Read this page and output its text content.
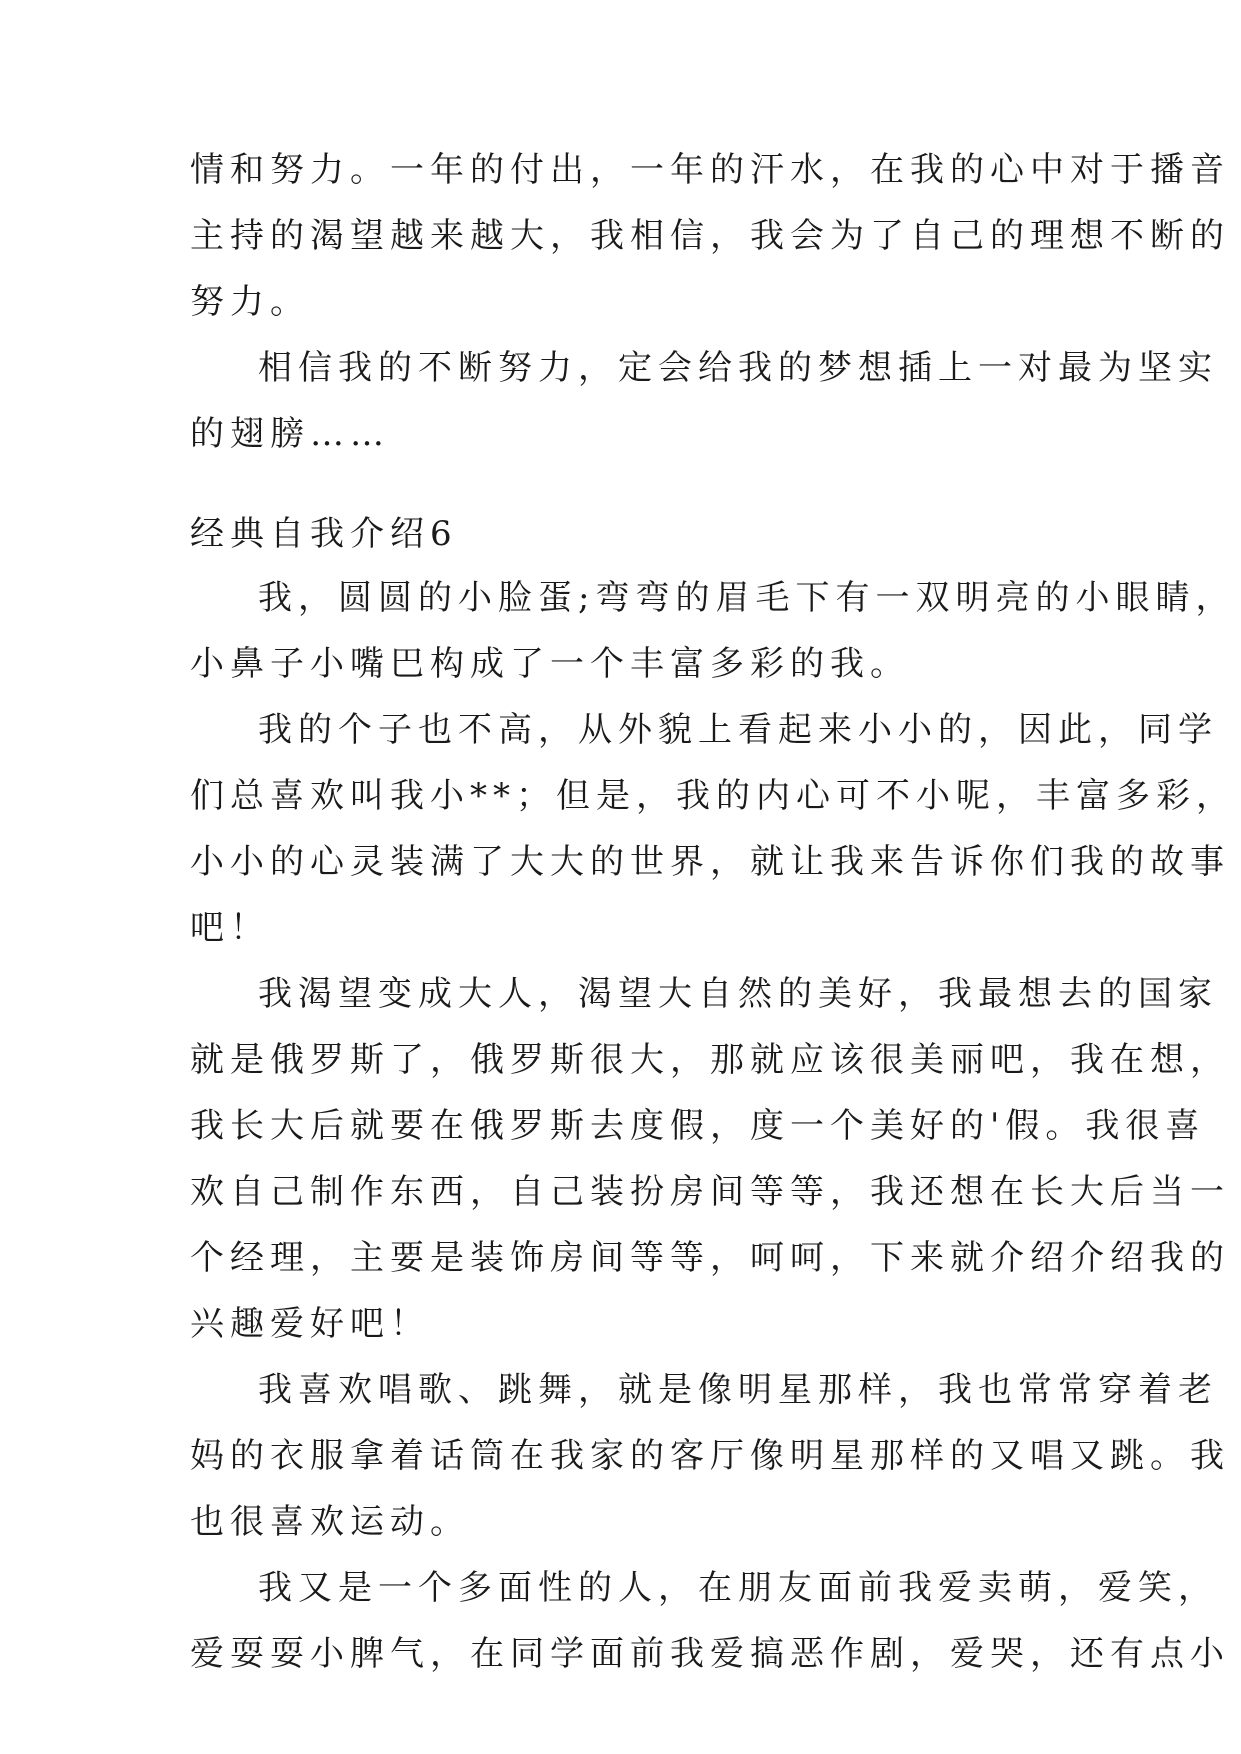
情和努力。一年的付出，一年的汗水，在我的心中对于播音
主持的渴望越来越大，我相信，我会为了自己的理想不断的
努力。
相信我的不断努力，定会给我的梦想插上一对最为坚实
的翅膀……
经典自我介绍6
我，圆圆的小脸蛋;弯弯的眉毛下有一双明亮的小眼睛，
小鼻子小嘴巴构成了一个丰富多彩的我。
我的个子也不高，从外貌上看起来小小的，因此，同学
们总喜欢叫我小**；但是，我的内心可不小呢，丰富多彩，
小小的心灵装满了大大的世界，就让我来告诉你们我的故事
吧！
我渴望变成大人，渴望大自然的美好，我最想去的国家
就是俄罗斯了，俄罗斯很大，那就应该很美丽吧，我在想，
我长大后就要在俄罗斯去度假，度一个美好的'假。我很喜
欢自己制作东西，自己装扮房间等等，我还想在长大后当一
个经理，主要是装饰房间等等，呵呵，下来就介绍介绍我的
兴趣爱好吧！
我喜欢唱歌、跳舞，就是像明星那样，我也常常穿着老
妈的衣服拿着话筒在我家的客厅像明星那样的又唱又跳。我
也很喜欢运动。
我又是一个多面性的人，在朋友面前我爱卖萌，爱笑，
爱耍耍小脾气，在同学面前我爱搞恶作剧，爱哭，还有点小
